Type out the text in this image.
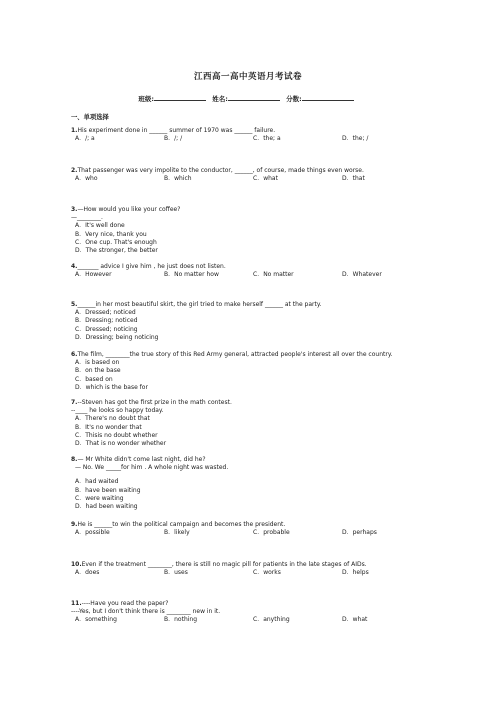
江西高一高中英语月考试卷
班级:	姓名:	分数:
一、单项选择
1.His experiment done in ______ summer of 1970 was ______ failure.
A．/; a	B．/; /	C．the; a	D．the; /
2.That passenger was very impolite to the conductor, ______, of course, made things even worse.
A．who	B．which	C．what	D．that
3.—How would you like your coffee?
—________.
A．It's well done
B．Very nice, thank you
C．One cup. That's enough
D．The stronger, the better
4._______ advice I give him , he just does not listen.
A．However	B．No matter how	C．No matter	D．Whatever
5.______in her most beautiful skirt, the girl tried to make herself ______ at the party.
A．Dressed; noticed
B．Dressing; noticed
C．Dressed; noticing
D．Dressing; being noticing
6.The film, ________the true story of this Red Army general, attracted people's interest all over the country.
A．is based on
B．on the base
C．based on
D．which is the base for
7.--Steven has got the first prize in the math contest.
--____ he looks so happy today.
A．There's no doubt that
B．It's no wonder that
C．Thisis no doubt whether
D．That is no wonder whether
8.— Mr White didn't come last night, did he?
— No. We _____for him . A whole night was wasted.
A．had waited
B．have been waiting
C．were waiting
D．had been waiting
9.He is ______to win the political campaign and becomes the president.
A．possible	B．likely	C．probable	D．perhaps
10.Even if the treatment ________, there is still no magic pill for patients in the late stages of AIDs.
A．does	B．uses	C．works	D．helps
11.----Have you read the paper?
----Yes, but I don't think there is ________ new in it.
A．something	B．nothing	C．anything	D．what
